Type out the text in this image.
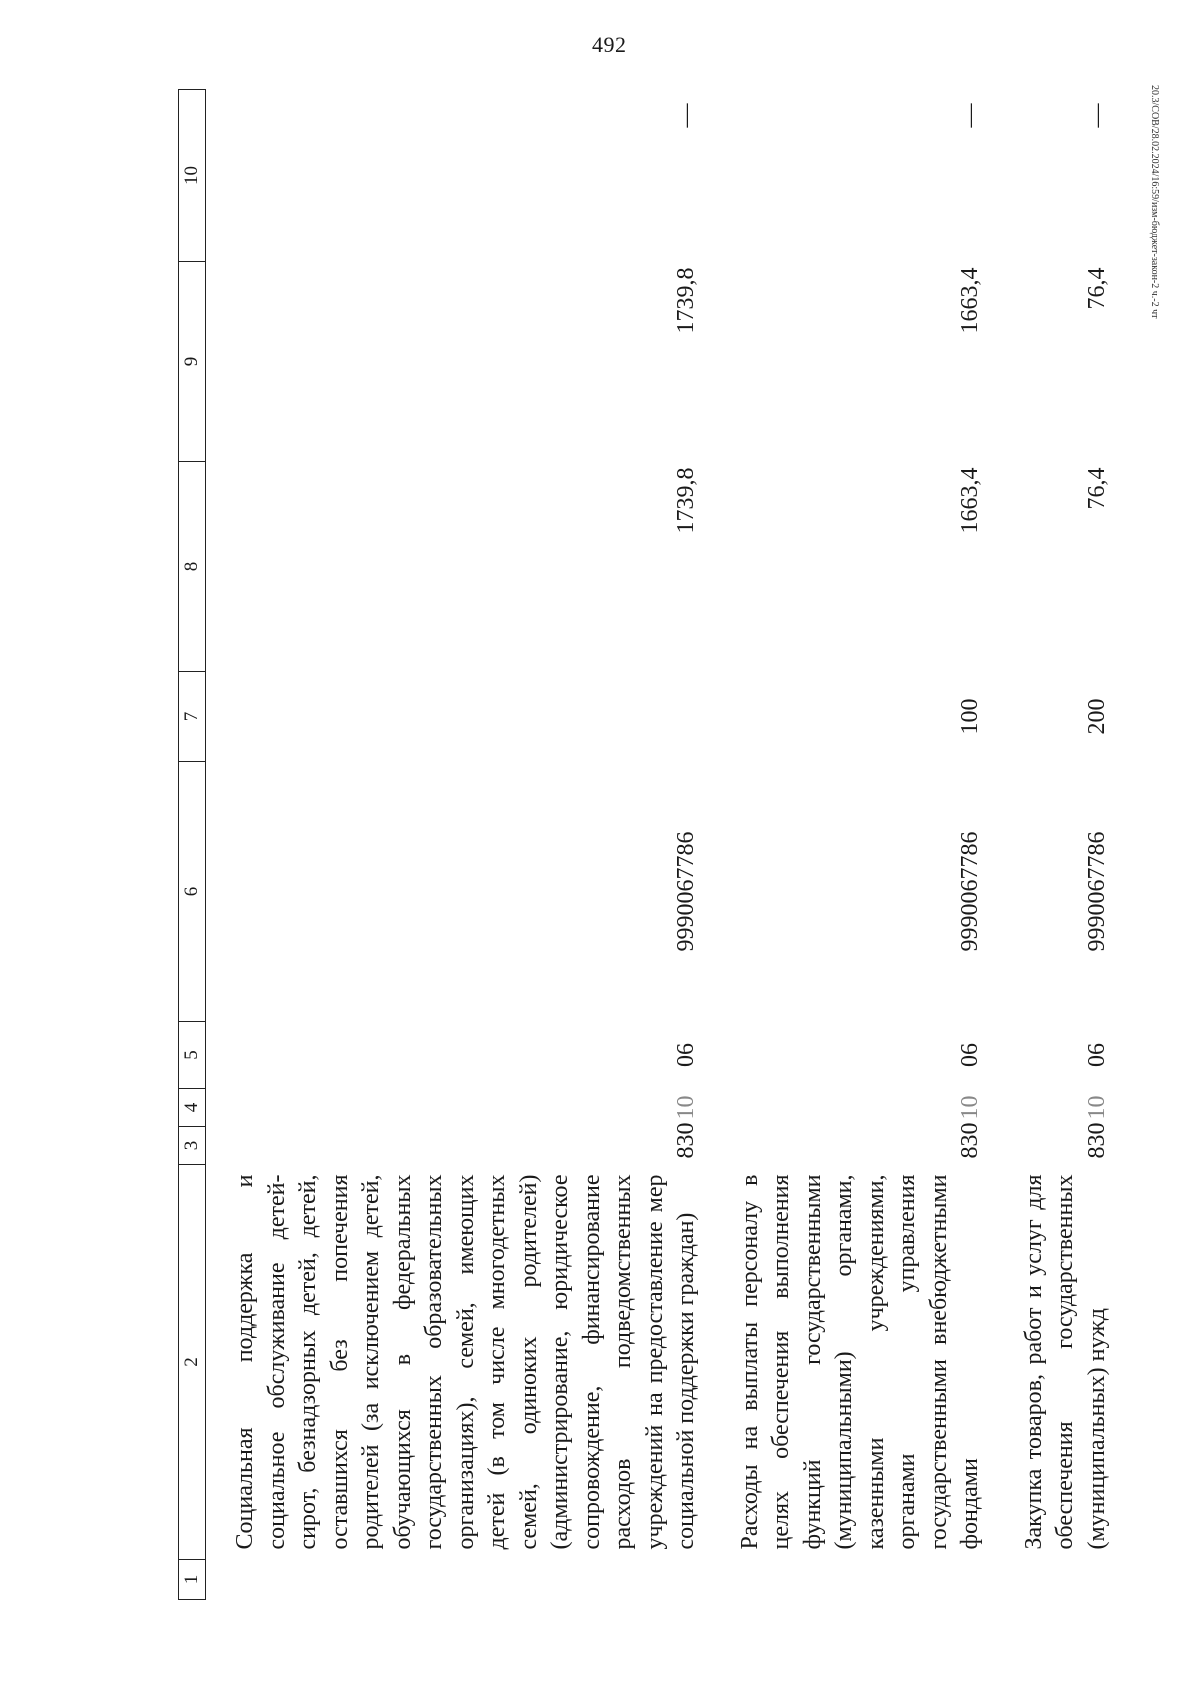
492
20.3/СОВ/28.02.2024/16:59/изм-бюджет-закон-2 ч.-2 чт
1	2	3	4	5	6	7	8	9	10

	Социальная поддержка и социальное обслуживание детей-сирот, безнадзорных детей, детей, оставшихся без попечения родителей (за исключением детей, обучающихся в федеральных государственных образовательных организациях), семей, имеющих детей (в том числе многодетных семей, одиноких родителей) (администрирование, юридическое сопровождение, финансирование расходов подведомственных учреждений на предоставление мер социальной поддержки граждан)	830	10	06	9990067786		1739,8	1739,8	—

	Расходы на выплаты персоналу в целях обеспечения выполнения функций государственными (муниципальными) органами, казенными учреждениями, органами управления государственными внебюджетными фондами	830	10	06	9990067786	100	1663,4	1663,4	—

	Закупка товаров, работ и услуг для обеспечения государственных (муниципальных) нужд	830	10	06	9990067786	200	76,4	76,4	—
